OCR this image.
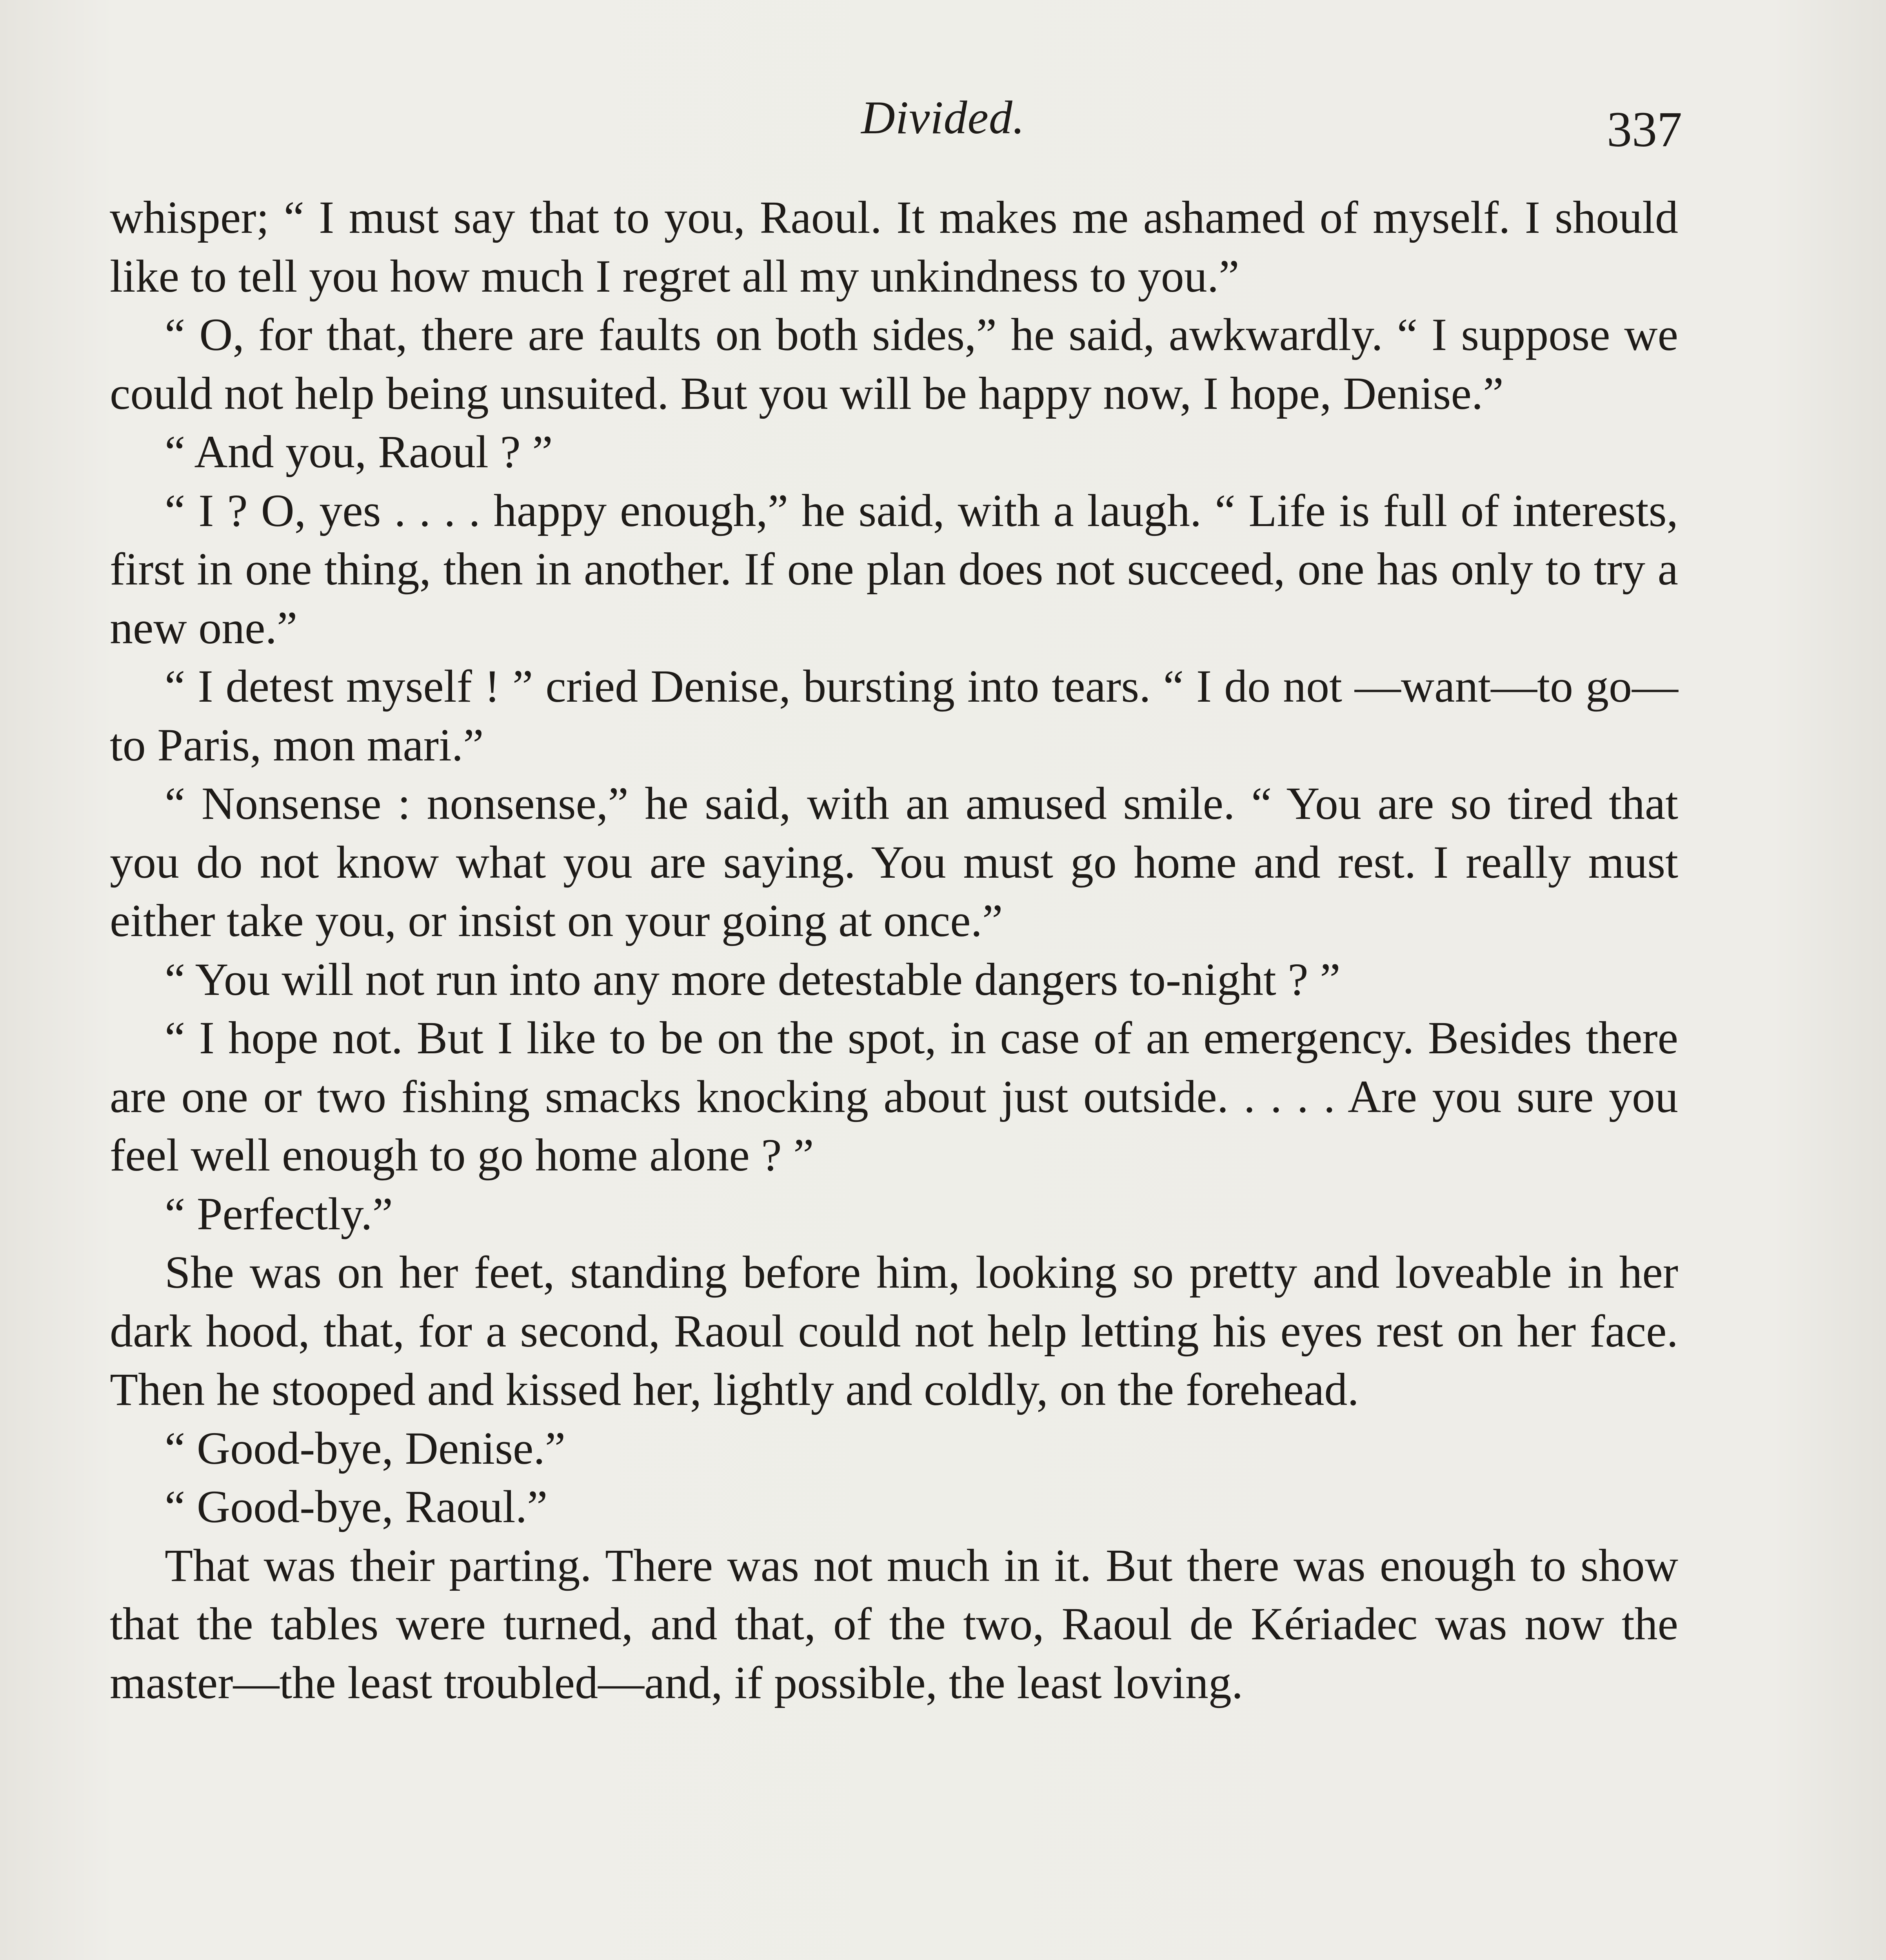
Divided.	337

whisper; “ I must say that to you, Raoul. It makes me ashamed of myself. I should like to tell you how much I regret all my unkindness to you.”

“ O, for that, there are faults on both sides,” he said, awkwardly. “ I suppose we could not help being unsuited. But you will be happy now, I hope, Denise.”

“ And you, Raoul ? ”

“ I ? O, yes . . . . happy enough,” he said, with a laugh. “ Life is full of interests, first in one thing, then in another. If one plan does not succeed, one has only to try a new one.”

“ I detest myself ! ” cried Denise, bursting into tears. “ I do not —want—to go— to Paris, mon mari.”

“ Nonsense : nonsense,” he said, with an amused smile. “ You are so tired that you do not know what you are saying. You must go home and rest. I really must either take you, or insist on your going at once.”

“ You will not run into any more detestable dangers to-night ? ”

“ I hope not. But I like to be on the spot, in case of an emergency. Besides there are one or two fishing smacks knocking about just outside. . . . . Are you sure you feel well enough to go home alone ? ”

“ Perfectly.”

She was on her feet, standing before him, looking so pretty and loveable in her dark hood, that, for a second, Raoul could not help letting his eyes rest on her face. Then he stooped and kissed her, lightly and coldly, on the forehead.

“ Good-bye, Denise.”

“ Good-bye, Raoul.”

That was their parting. There was not much in it. But there was enough to show that the tables were turned, and that, of the two, Raoul de Kériadec was now the master—the least troubled—and, if possible, the least loving.
